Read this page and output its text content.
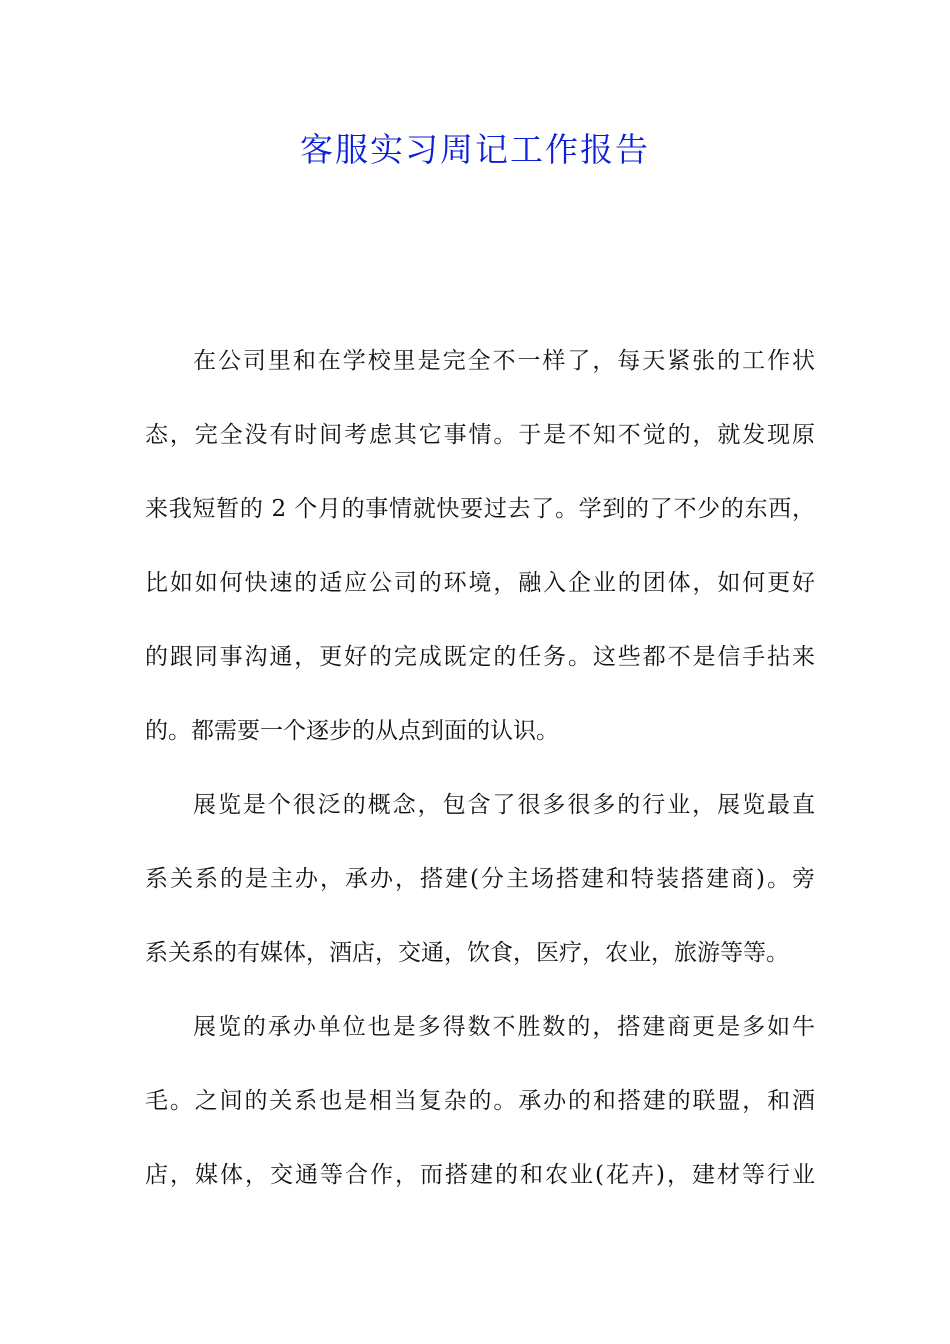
客服实习周记工作报告
在公司里和在学校里是完全不一样了，每天紧张的工作状
态，完全没有时间考虑其它事情。于是不知不觉的，就发现原
来我短暂的 2 个月的事情就快要过去了。学到的了不少的东西，
比如如何快速的适应公司的环境，融入企业的团体，如何更好
的跟同事沟通，更好的完成既定的任务。这些都不是信手拈来
的。都需要一个逐步的从点到面的认识。
展览是个很泛的概念，包含了很多很多的行业，展览最直
系关系的是主办，承办，搭建(分主场搭建和特装搭建商)。旁
系关系的有媒体，酒店，交通，饮食，医疗，农业，旅游等等。
展览的承办单位也是多得数不胜数的，搭建商更是多如牛
毛。之间的关系也是相当复杂的。承办的和搭建的联盟，和酒
店，媒体，交通等合作，而搭建的和农业(花卉)，建材等行业
